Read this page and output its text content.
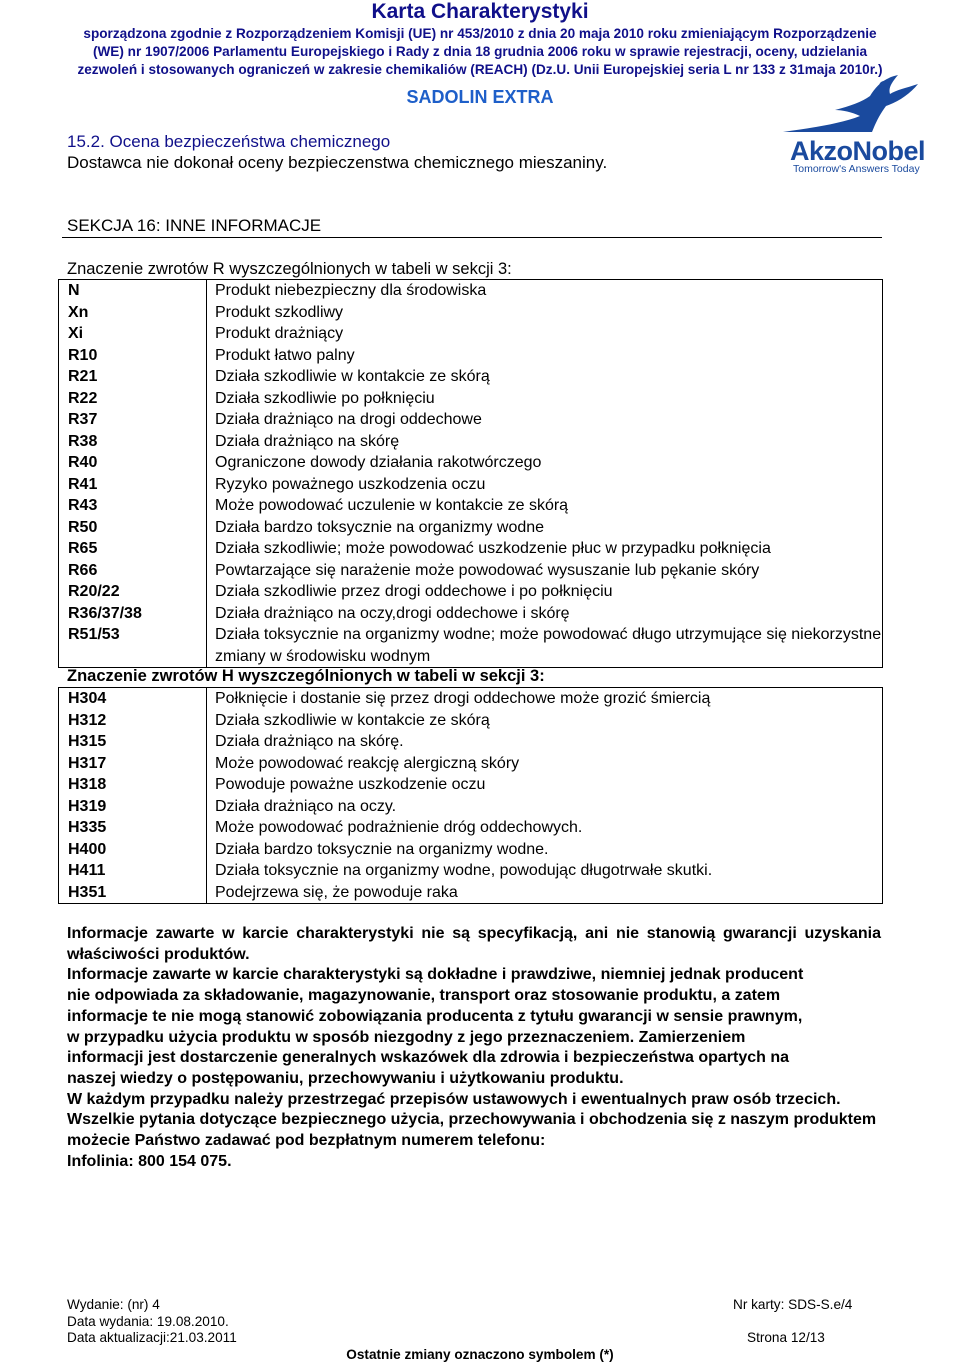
Karta Charakterystyki
sporządzona zgodnie z Rozporządzeniem Komisji (UE) nr 453/2010 z dnia 20 maja 2010 roku zmieniającym Rozporządzenie
(WE) nr 1907/2006 Parlamentu Europejskiego i Rady z dnia 18 grudnia 2006 roku w sprawie rejestracji, oceny, udzielania
zezwoleń i stosowanych ograniczeń w zakresie chemikaliów (REACH) (Dz.U. Unii Europejskiej seria L nr 133 z 31maja 2010r.)
SADOLIN EXTRA
AkzoNobel
Tomorrow's Answers Today
15.2. Ocena bezpieczeństwa chemicznego
Dostawca nie dokonał oceny bezpieczenstwa chemicznego mieszaniny.
SEKCJA 16: INNE INFORMACJE
Znaczenie zwrotów R wyszczególnionych w tabeli w sekcji 3:
N	Produkt niebezpieczny dla środowiska
Xn	Produkt szkodliwy
Xi	Produkt drażniący
R10	Produkt łatwo palny
R21	Działa szkodliwie w kontakcie ze skórą
R22	Działa szkodliwie po połknięciu
R37	Działa drażniąco na drogi oddechowe
R38	Działa drażniąco na skórę
R40	Ograniczone dowody działania rakotwórczego
R41	Ryzyko poważnego uszkodzenia oczu
R43	Może powodować uczulenie w kontakcie ze skórą
R50	Działa bardzo toksycznie na organizmy wodne
R65	Działa szkodliwie; może powodować uszkodzenie płuc w przypadku połknięcia
R66	Powtarzające się narażenie może powodować wysuszanie lub pękanie skóry
R20/22	Działa szkodliwie przez drogi oddechowe i po połknięciu
R36/37/38	Działa drażniąco na oczy,drogi oddechowe i skórę
R51/53	Działa toksycznie na organizmy wodne; może powodować długo utrzymujące się niekorzystne zmiany w środowisku wodnym
Znaczenie zwrotów H wyszczególnionych w tabeli w sekcji 3:
H304	Połknięcie i dostanie się przez drogi oddechowe może grozić śmiercią
H312	Działa szkodliwie w kontakcie ze skórą
H315	Działa drażniąco na skórę.
H317	Może powodować reakcję alergiczną skóry
H318	Powoduje poważne uszkodzenie oczu
H319	Działa drażniąco na oczy.
H335	Może powodować podrażnienie dróg oddechowych.
H400	Działa bardzo toksycznie na organizmy wodne.
H411	Działa toksycznie na organizmy wodne, powodując długotrwałe skutki.
H351	Podejrzewa się, że powoduje raka

Informacje zawarte w karcie charakterystyki nie są specyfikacją, ani nie stanowią gwarancji uzyskania właściwości produktów.

Informacje zawarte w karcie charakterystyki są dokładne i prawdziwe, niemniej jednak producent nie odpowiada za składowanie, magazynowanie, transport oraz stosowanie produktu, a zatem informacje te nie mogą stanowić zobowiązania producenta z tytułu gwarancji w sensie prawnym, w przypadku użycia produktu w sposób niezgodny z jego przeznaczeniem. Zamierzeniem informacji jest dostarczenie generalnych wskazówek dla zdrowia i bezpieczeństwa opartych na naszej wiedzy o postępowaniu, przechowywaniu i użytkowaniu produktu.

W każdym przypadku należy przestrzegać przepisów ustawowych i ewentualnych praw osób trzecich.

Wszelkie pytania dotyczące bezpiecznego użycia, przechowywania i obchodzenia się z naszym produktem możecie Państwo zadawać pod bezpłatnym numerem telefonu:

Infolinia: 800 154 075.

Wydanie: (nr) 4
Data wydania: 19.08.2010.
Data aktualizacji:21.03.2011
Nr karty: SDS-S.e/4
Strona 12/13
Ostatnie zmiany oznaczono symbolem (*)
